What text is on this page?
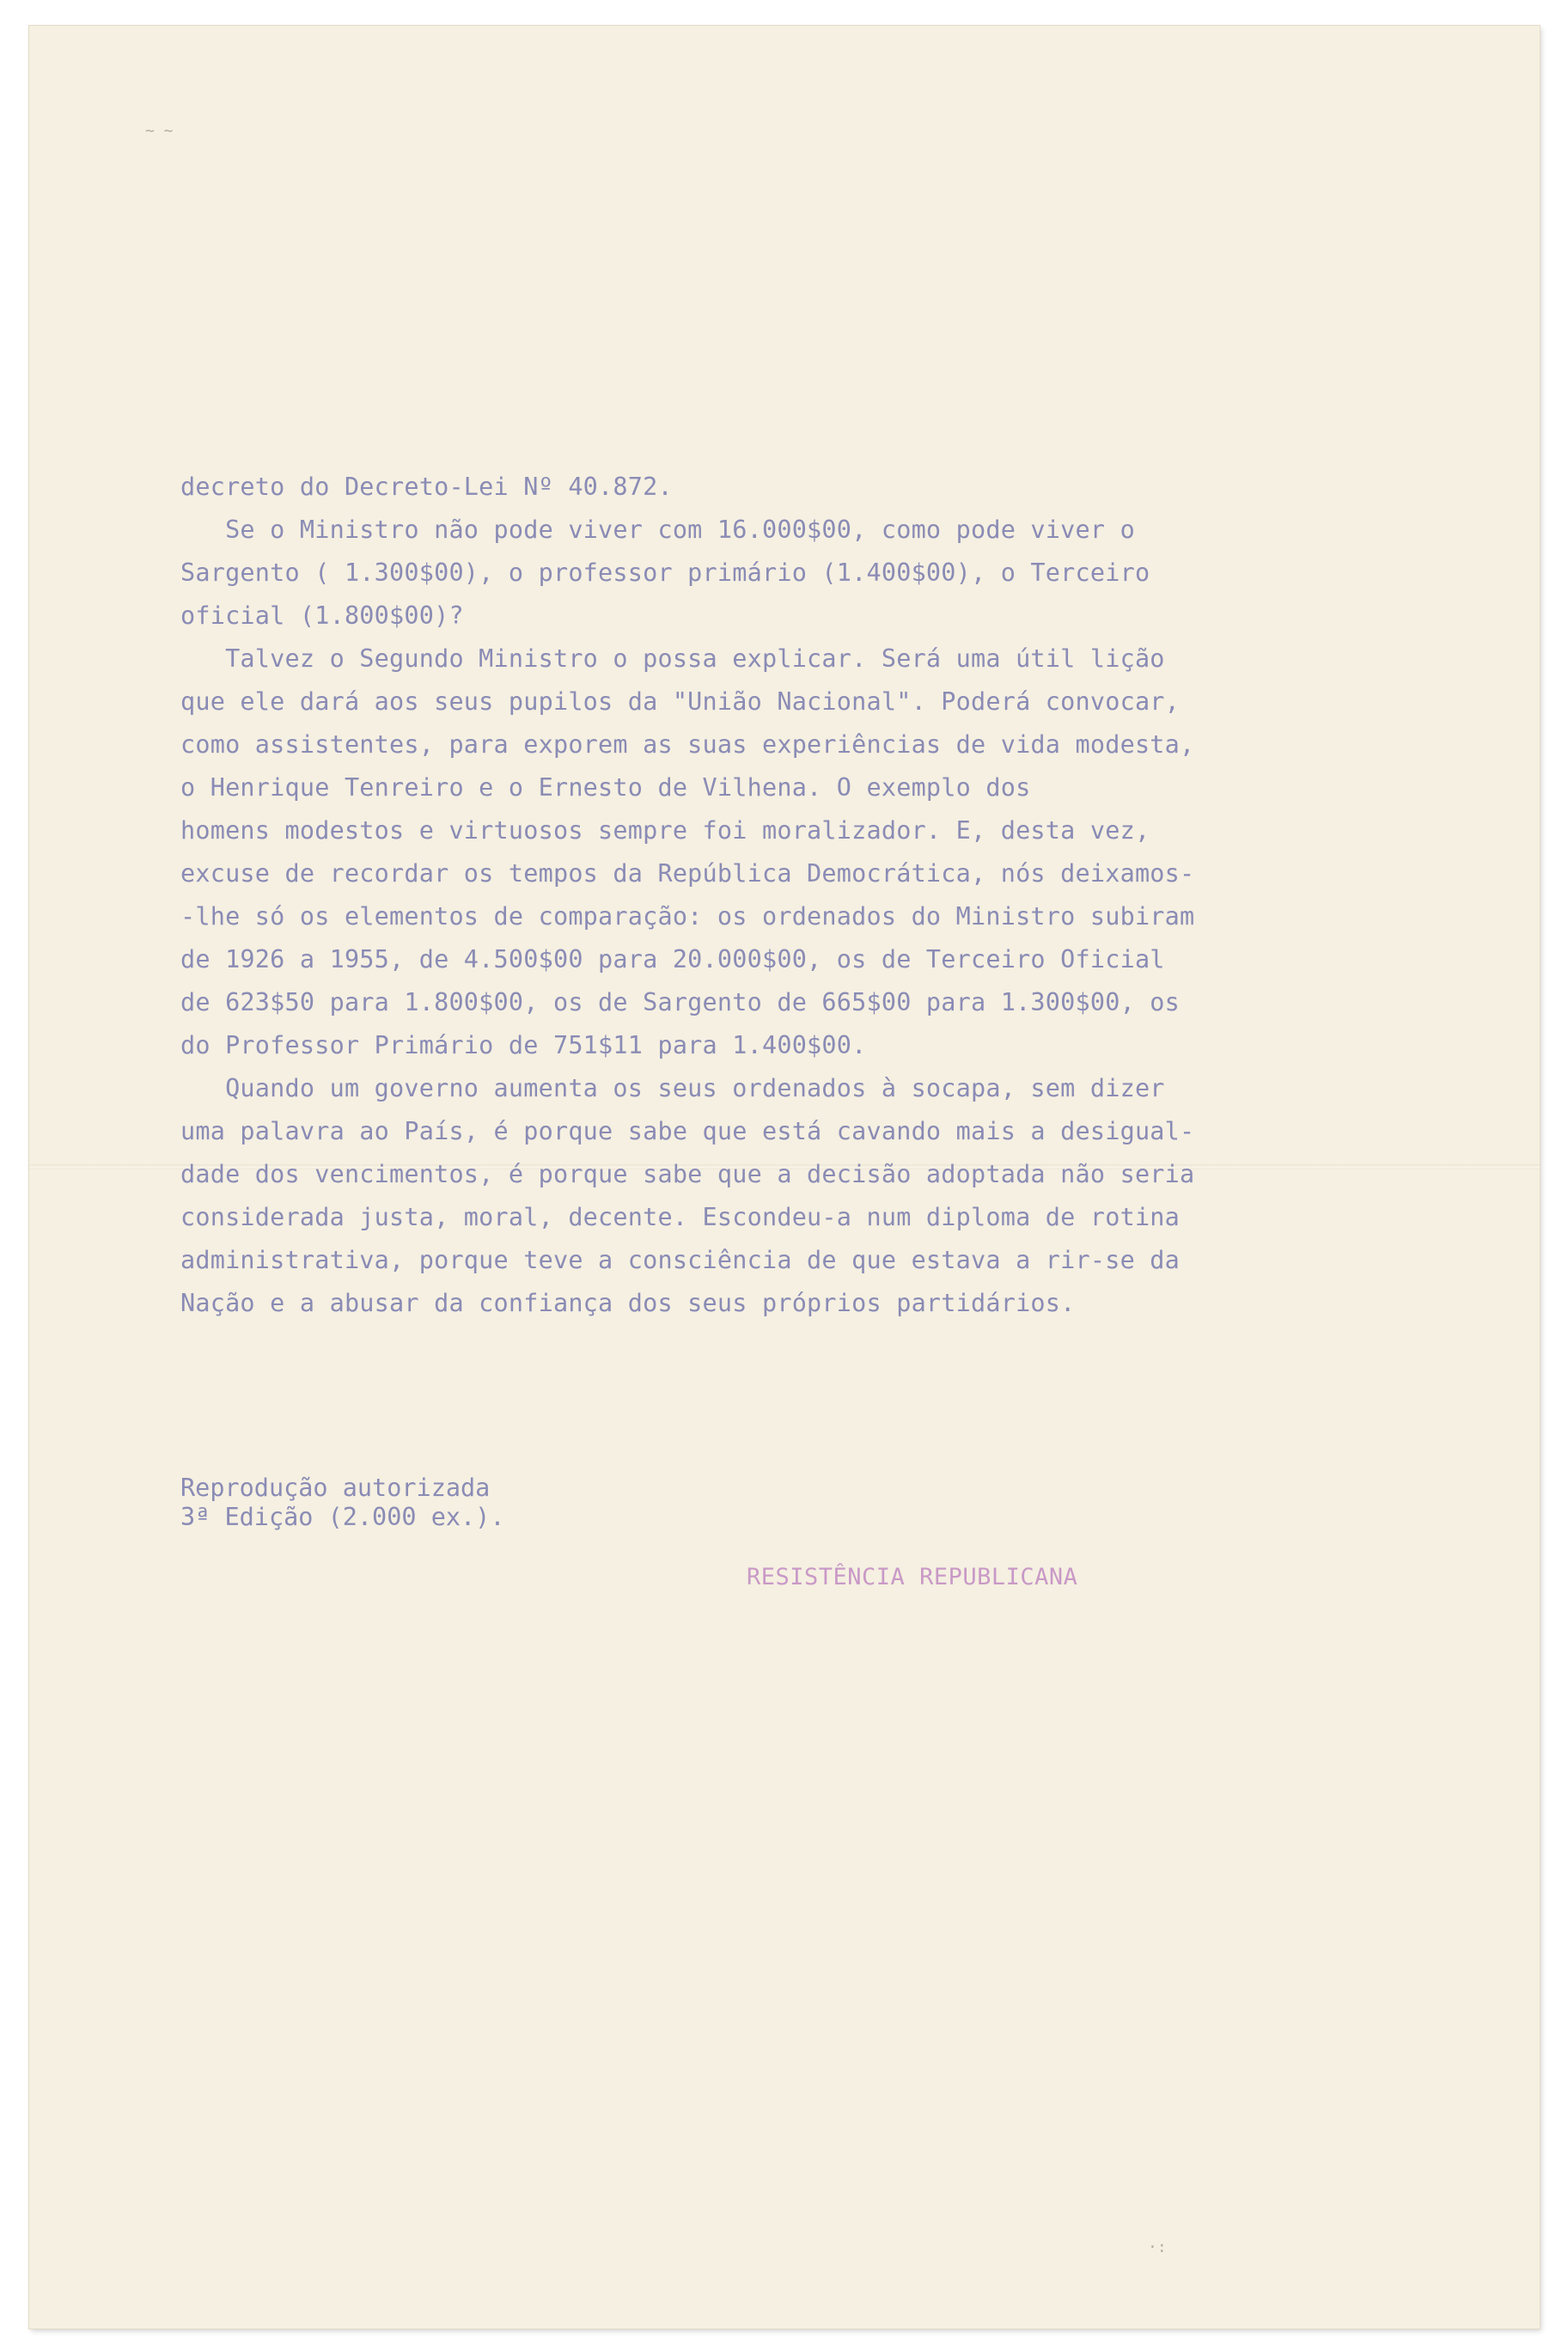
~ ~
decreto do Decreto-Lei Nº 40.872.
Se o Ministro não pode viver com 16.000$00, como pode viver o
Sargento ( 1.300$00), o professor primário (1.400$00), o Terceiro
oficial (1.800$00)?
Talvez o Segundo Ministro o possa explicar. Será uma útil lição
que ele dará aos seus pupilos da "União Nacional". Poderá convocar,
como assistentes, para exporem as suas experiências de vida modesta,
o Henrique Tenreiro e o Ernesto de Vilhena. O exemplo dos
homens modestos e virtuosos sempre foi moralizador. E, desta vez,
excuse de recordar os tempos da República Democrática, nós deixamos-
-lhe só os elementos de comparação: os ordenados do Ministro subiram
de 1926 a 1955, de 4.500$00 para 20.000$00, os de Terceiro Oficial
de 623$50 para 1.800$00, os de Sargento de 665$00 para 1.300$00, os
do Professor Primário de 751$11 para 1.400$00.
Quando um governo aumenta os seus ordenados à socapa, sem dizer
uma palavra ao País, é porque sabe que está cavando mais a desigual-
dade dos vencimentos, é porque sabe que a decisão adoptada não seria
considerada justa, moral, decente. Escondeu-a num diploma de rotina
administrativa, porque teve a consciência de que estava a rir-se da
Nação e a abusar da confiança dos seus próprios partidários.
Reprodução autorizada
3ª Edição (2.000 ex.).
RESISTÊNCIA REPUBLICANA
·:
